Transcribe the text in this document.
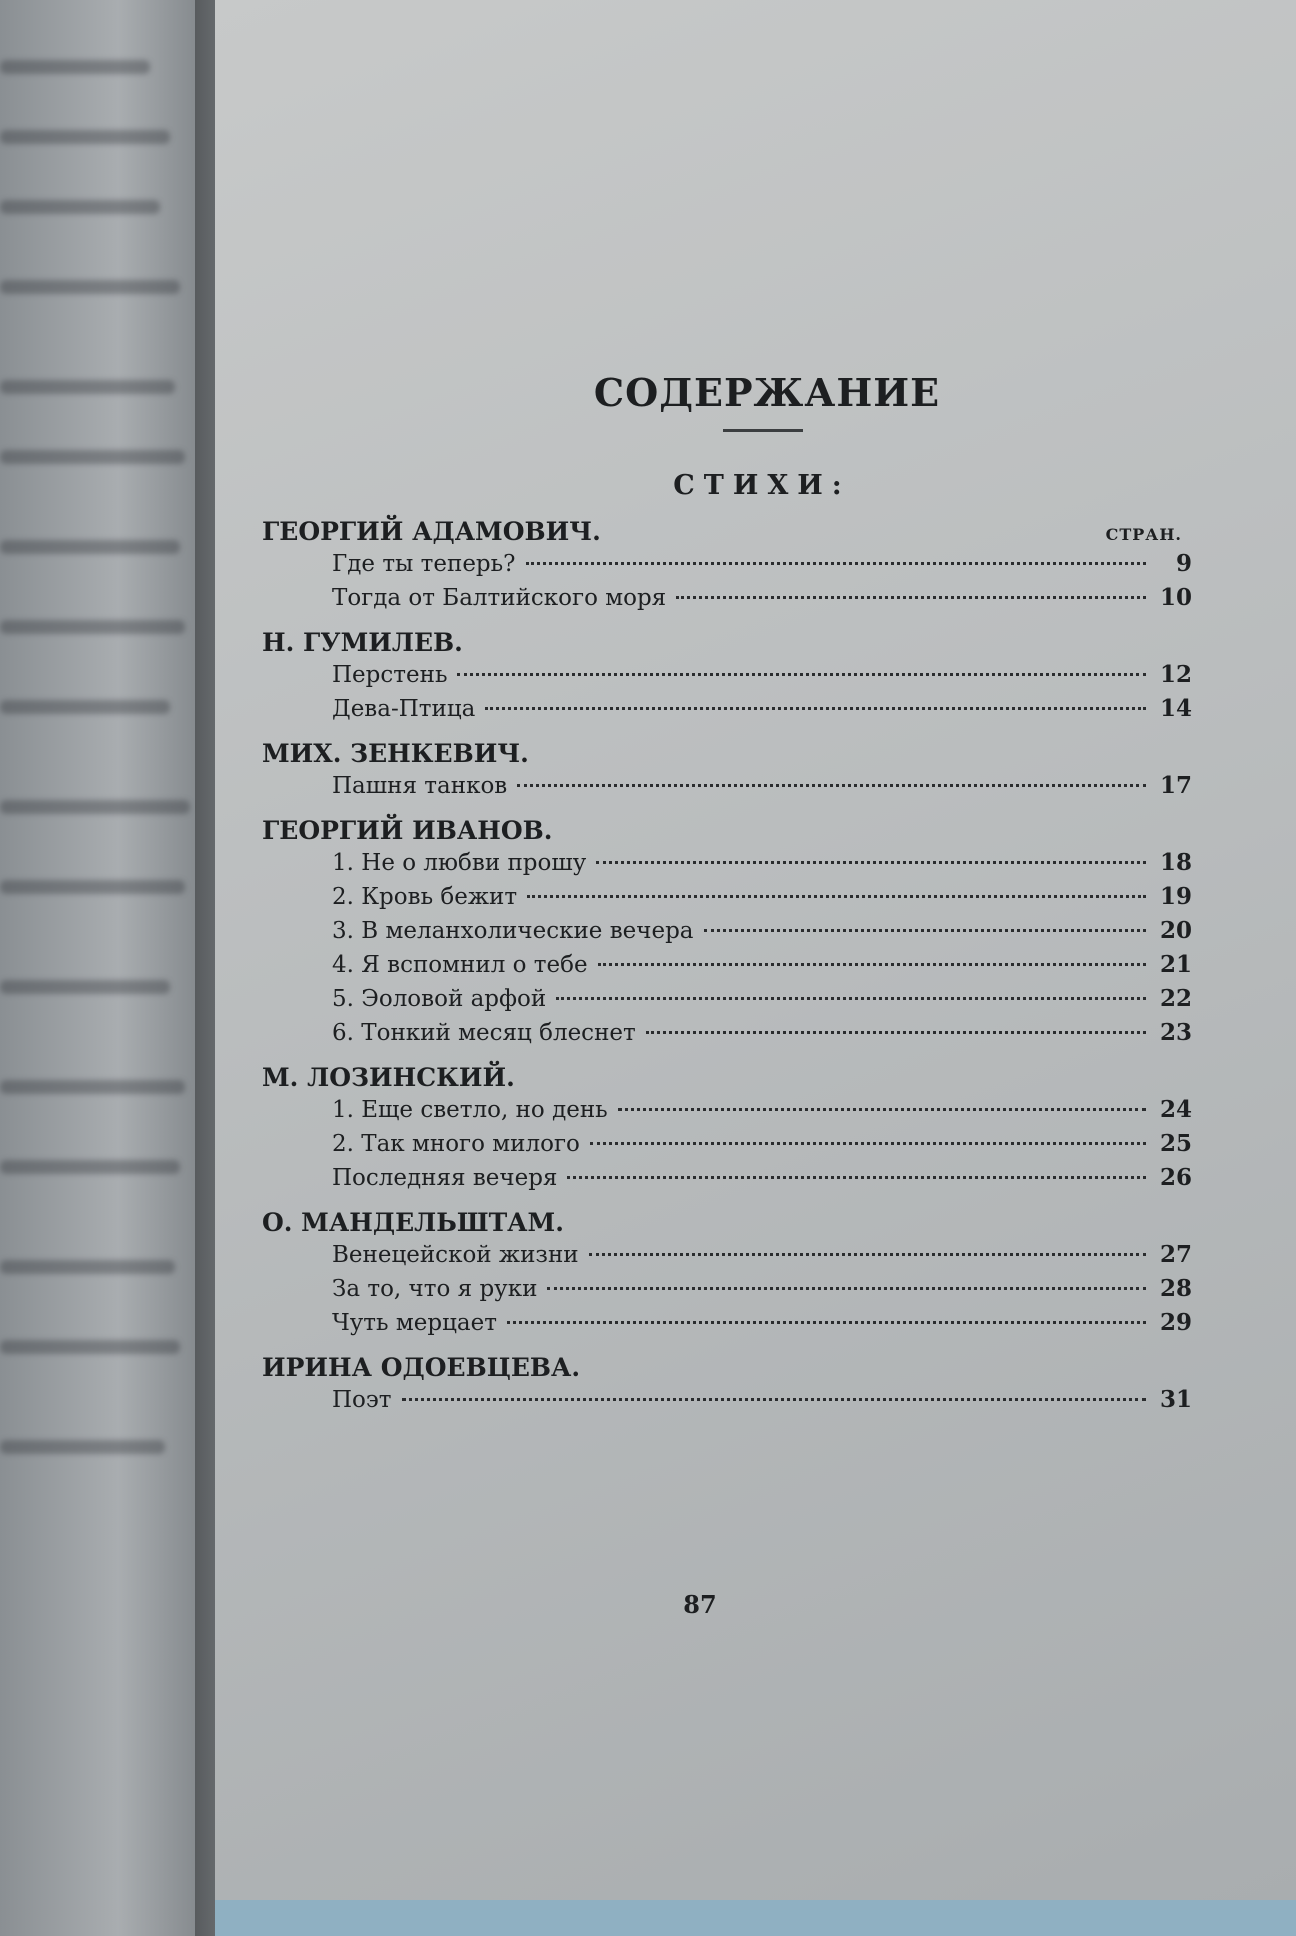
СОДЕРЖАНИЕ
СТИХИ:
ГЕОРГИЙ АДАМОВИЧ.	СТРАН.
Где ты теперь?	9
Тогда от Балтийского моря	10
Н. ГУМИЛЕВ.
Перстень	12
Дева-Птица	14
МИХ. ЗЕНКЕВИЧ.
Пашня танков	17
ГЕОРГИЙ ИВАНОВ.
1. Не о любви прошу	18
2. Кровь бежит	19
3. В меланхолические вечера	20
4. Я вспомнил о тебе	21
5. Эоловой арфой	22
6. Тонкий месяц блеснет	23
М. ЛОЗИНСКИЙ.
1. Еще светло, но день	24
2. Так много милого	25
Последняя вечеря	26
О. МАНДЕЛЬШТАМ.
Венецейской жизни	27
За то, что я руки	28
Чуть мерцает	29
ИРИНА ОДОЕВЦЕВА.
Поэт	31
87
